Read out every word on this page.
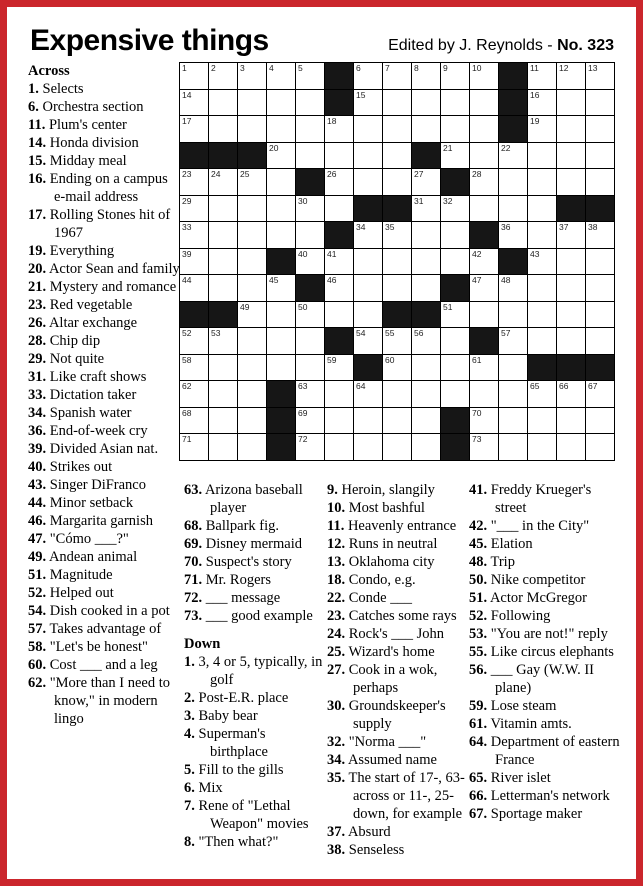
Expensive things	Edited by J. Reynolds - No. 323
1	2	3	4	5	6	7	8	9	10	11 12 13
14	15	16
17	18	19
20	21	22
23 24 25	26	27	28
29	30	31 32
33	34 35	36	37 38
39	40 41	42	43
44	45	46	47 48
49	50	51
52 53	54 55 56	57
58	59	60	61
62	63	64	65 66 67
68	69	70
71	72	73
Across
1. Selects
6. Orchestra section
11. Plum's center
14. Honda division
15. Midday meal
16. Ending on a campus e-mail address
17. Rolling Stones hit of 1967
19. Everything
20. Actor Sean and family
21. Mystery and romance
23. Red vegetable
26. Altar exchange
28. Chip dip
29. Not quite
31. Like craft shows
33. Dictation taker
34. Spanish water
36. End-of-week cry
39. Divided Asian nat.
40. Strikes out
43. Singer DiFranco
44. Minor setback
46. Margarita garnish
47. "Cómo ___?"
49. Andean animal
51. Magnitude
52. Helped out
54. Dish cooked in a pot
57. Takes advantage of
58. "Let's be honest"
60. Cost ___ and a leg
62. "More than I need to know," in modern lingo
63. Arizona baseball player
68. Ballpark fig.
69. Disney mermaid
70. Suspect's story
71. Mr. Rogers
72. ___ message
73. ___ good example
Down
1. 3, 4 or 5, typically, in golf
2. Post-E.R. place
3. Baby bear
4. Superman's birthplace
5. Fill to the gills
6. Mix
7. Rene of "Lethal Weapon" movies
8. "Then what?"
9. Heroin, slangily
10. Most bashful
11. Heavenly entrance
12. Runs in neutral
13. Oklahoma city
18. Condo, e.g.
22. Conde ___
23. Catches some rays
24. Rock's ___ John
25. Wizard's home
27. Cook in a wok, perhaps
30. Groundskeeper's supply
32. "Norma ___"
34. Assumed name
35. The start of 17-, 63-across or 11-, 25-down, for example
37. Absurd
38. Senseless
41. Freddy Krueger's street
42. "___ in the City"
45. Elation
48. Trip
50. Nike competitor
51. Actor McGregor
52. Following
53. "You are not!" reply
55. Like circus elephants
56. ___ Gay (W.W. II plane)
59. Lose steam
61. Vitamin amts.
64. Department of eastern France
65. River islet
66. Letterman's network
67. Sportage maker
